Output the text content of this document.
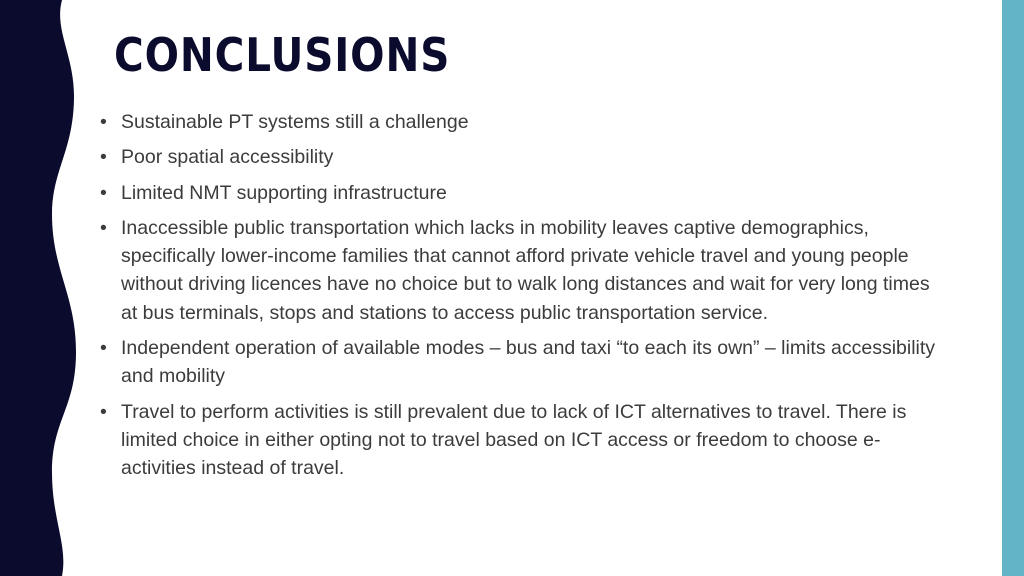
CONCLUSIONS
• Sustainable PT systems still a challenge
• Poor spatial accessibility
• Limited NMT supporting infrastructure
• Inaccessible public transportation which lacks in mobility leaves captive demographics, specifically lower-income families that cannot afford private vehicle travel and young people without driving licences have no choice but to walk long distances and wait for very long times at bus terminals, stops and stations to access public transportation service.
• Independent operation of available modes – bus and taxi “to each its own” – limits accessibility and mobility
• Travel to perform activities is still prevalent due to lack of ICT alternatives to travel. There is limited choice in either opting not to travel based on ICT access or freedom to choose e-activities instead of travel.
